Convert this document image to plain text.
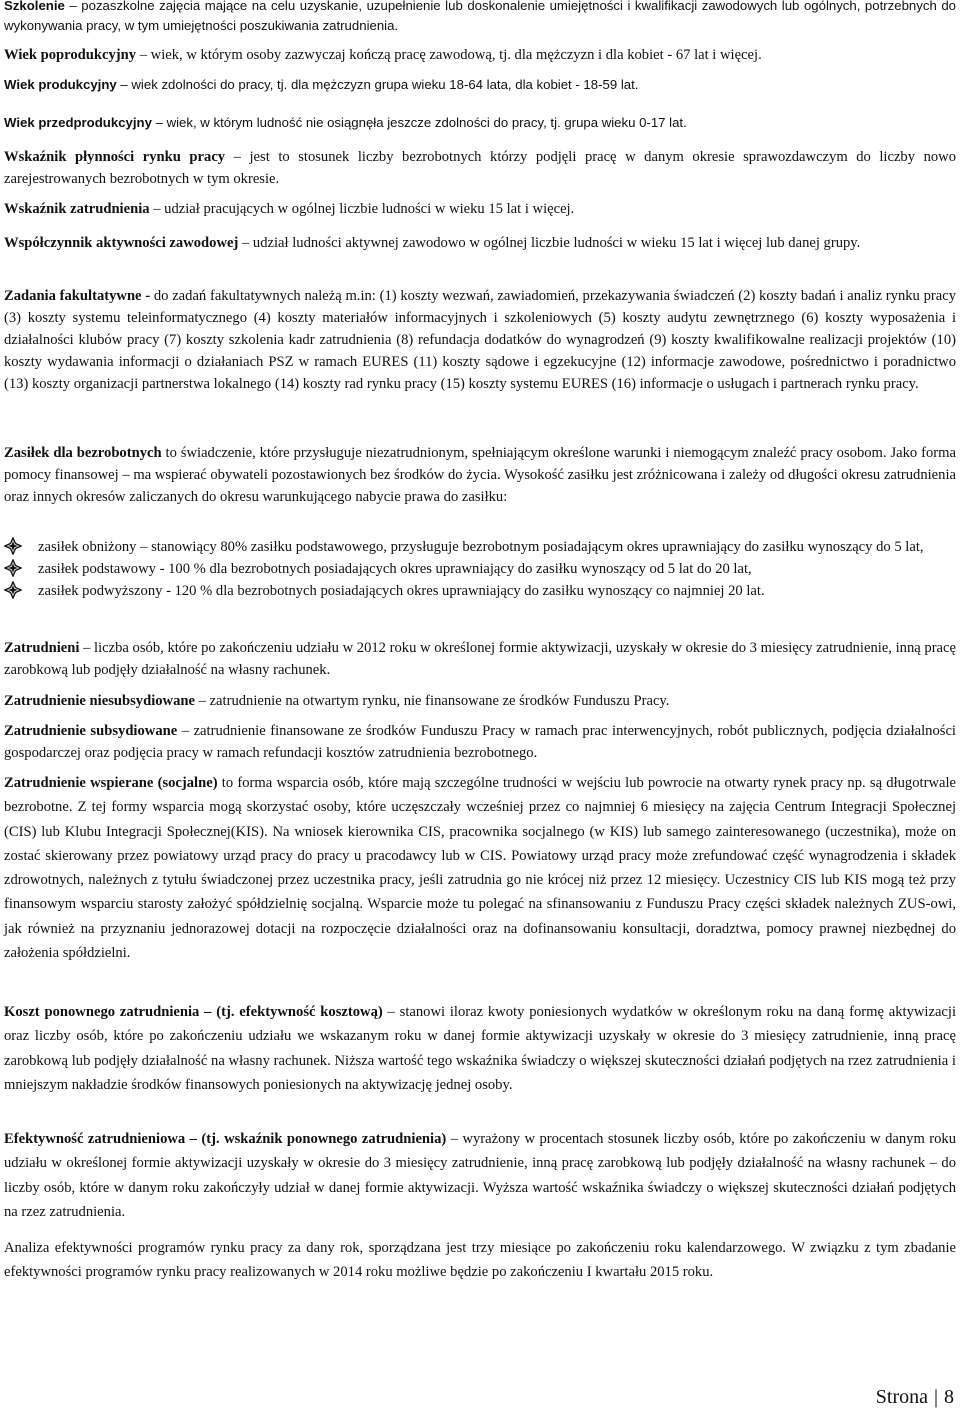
Szkolenie – pozaszkolne zajęcia mające na celu uzyskanie, uzupełnienie lub doskonalenie umiejętności i kwalifikacji zawodowych lub ogólnych, potrzebnych do wykonywania pracy, w tym umiejętności poszukiwania zatrudnienia.

Wiek poprodukcyjny – wiek, w którym osoby zazwyczaj kończą pracę zawodową, tj. dla mężczyzn i dla kobiet - 67 lat i więcej.

Wiek produkcyjny – wiek zdolności do pracy, tj. dla mężczyzn grupa wieku 18-64 lata, dla kobiet - 18-59 lat.

Wiek przedprodukcyjny – wiek, w którym ludność nie osiągnęła jeszcze zdolności do pracy, tj. grupa wieku 0-17 lat.

Wskaźnik płynności rynku pracy – jest to stosunek liczby bezrobotnych którzy podjęli pracę w danym okresie sprawozdawczym do liczby nowo zarejestrowanych bezrobotnych w tym okresie.

Wskaźnik zatrudnienia – udział pracujących w ogólnej liczbie ludności w wieku 15 lat i więcej.

Współczynnik aktywności zawodowej – udział ludności aktywnej zawodowo w ogólnej liczbie ludności w wieku 15 lat i więcej lub danej grupy.

Zadania fakultatywne - do zadań fakultatywnych należą m.in: (1) koszty wezwań, zawiadomień, przekazywania świadczeń (2) koszty badań i analiz rynku pracy (3) koszty systemu teleinformatycznego (4) koszty materiałów informacyjnych i szkoleniowych (5) koszty audytu zewnętrznego (6) koszty wyposażenia i działalności klubów pracy (7) koszty szkolenia kadr zatrudnienia (8) refundacja dodatków do wynagrodzeń (9) koszty kwalifikowalne realizacji projektów (10) koszty wydawania informacji o działaniach PSZ w ramach EURES (11) koszty sądowe i egzekucyjne (12) informacje zawodowe, pośrednictwo i poradnictwo (13) koszty organizacji partnerstwa lokalnego (14) koszty rad rynku pracy (15) koszty systemu EURES (16) informacje o usługach i partnerach rynku pracy.

Zasiłek dla bezrobotnych to świadczenie, które przysługuje niezatrudnionym, spełniającym określone warunki i niemogącym znaleźć pracy osobom. Jako forma pomocy finansowej – ma wspierać obywateli pozostawionych bez środków do życia. Wysokość zasiłku jest zróżnicowana i zależy od długości okresu zatrudnienia oraz innych okresów zaliczanych do okresu warunkującego nabycie prawa do zasiłku:

zasiłek obniżony – stanowiący 80% zasiłku podstawowego, przysługuje bezrobotnym posiadającym okres uprawniający do zasiłku wynoszący do 5 lat,
zasiłek podstawowy - 100 % dla bezrobotnych posiadających okres uprawniający do zasiłku wynoszący od 5 lat do 20 lat,
zasiłek podwyższony - 120 % dla bezrobotnych posiadających okres uprawniający do zasiłku wynoszący co najmniej 20 lat.

Zatrudnieni – liczba osób, które po zakończeniu udziału w 2012 roku w określonej formie aktywizacji, uzyskały w okresie do 3 miesięcy zatrudnienie, inną pracę zarobkową lub podjęły działalność na własny rachunek.

Zatrudnienie niesubsydiowane – zatrudnienie na otwartym rynku, nie finansowane ze środków Funduszu Pracy.

Zatrudnienie subsydiowane – zatrudnienie finansowane ze środków Funduszu Pracy w ramach prac interwencyjnych, robót publicznych, podjęcia działalności gospodarczej oraz podjęcia pracy w ramach refundacji kosztów zatrudnienia bezrobotnego.

Zatrudnienie wspierane (socjalne) to forma wsparcia osób, które mają szczególne trudności w wejściu lub powrocie na otwarty rynek pracy np. są długotrwale bezrobotne. Z tej formy wsparcia mogą skorzystać osoby, które uczęszczały wcześniej przez co najmniej 6 miesięcy na zajęcia Centrum Integracji Społecznej (CIS) lub Klubu Integracji Społecznej(KIS). Na wniosek kierownika CIS, pracownika socjalnego (w KIS) lub samego zainteresowanego (uczestnika), może on zostać skierowany przez powiatowy urząd pracy do pracy u pracodawcy lub w CIS. Powiatowy urząd pracy może zrefundować część wynagrodzenia i składek zdrowotnych, należnych z tytułu świadczonej przez uczestnika pracy, jeśli zatrudnia go nie krócej niż przez 12 miesięcy. Uczestnicy CIS lub KIS mogą też przy finansowym wsparciu starosty założyć spółdzielnię socjalną. Wsparcie może tu polegać na sfinansowaniu z Funduszu Pracy części składek należnych ZUS-owi, jak również na przyznaniu jednorazowej dotacji na rozpoczęcie działalności oraz na dofinansowaniu konsultacji, doradztwa, pomocy prawnej niezbędnej do założenia spółdzielni.

Koszt ponownego zatrudnienia – (tj. efektywność kosztową) – stanowi iloraz kwoty poniesionych wydatków w określonym roku na daną formę aktywizacji oraz liczby osób, które po zakończeniu udziału we wskazanym roku w danej formie aktywizacji uzyskały w okresie do 3 miesięcy zatrudnienie, inną pracę zarobkową lub podjęły działalność na własny rachunek. Niższa wartość tego wskaźnika świadczy o większej skuteczności działań podjętych na rzez zatrudnienia i mniejszym nakładzie środków finansowych poniesionych na aktywizację jednej osoby.

Efektywność zatrudnieniowa – (tj. wskaźnik ponownego zatrudnienia) – wyrażony w procentach stosunek liczby osób, które po zakończeniu w danym roku udziału w określonej formie aktywizacji uzyskały w okresie do 3 miesięcy zatrudnienie, inną pracę zarobkową lub podjęły działalność na własny rachunek – do liczby osób, które w danym roku zakończyły udział w danej formie aktywizacji. Wyższa wartość wskaźnika świadczy o większej skuteczności działań podjętych na rzez zatrudnienia.

Analiza efektywności programów rynku pracy za dany rok, sporządzana jest trzy miesiące po zakończeniu roku kalendarzowego. W związku z tym zbadanie efektywności programów rynku pracy realizowanych w 2014 roku możliwe będzie po zakończeniu I kwartału 2015 roku.

Strona | 8
